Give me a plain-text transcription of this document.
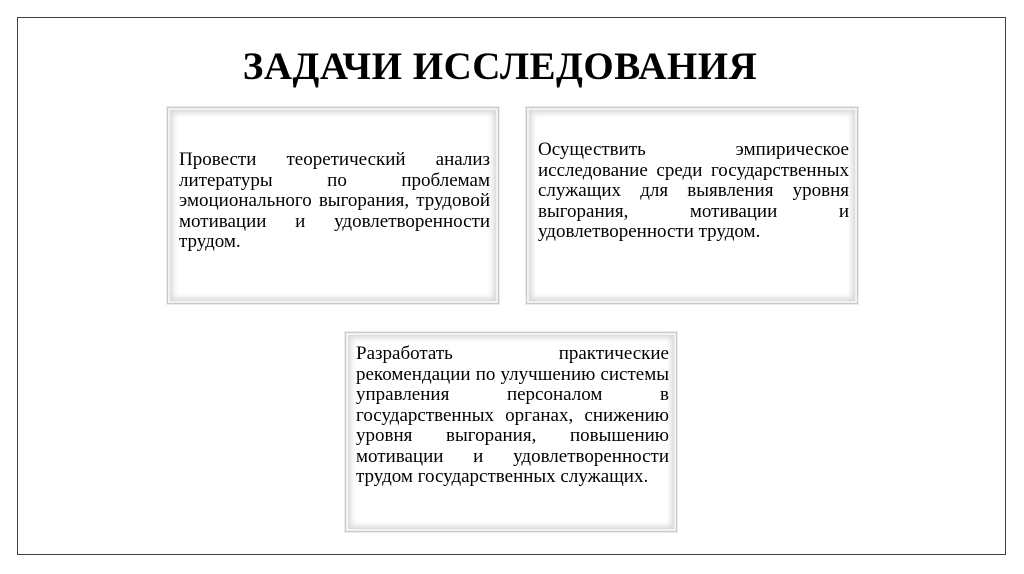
ЗАДАЧИ ИССЛЕДОВАНИЯ

Провести теоретический анализ литературы по проблемам эмоционального выгорания, трудовой мотивации и удовлетворенности трудом.

Осуществить эмпирическое исследование среди государственных служащих для выявления уровня выгорания, мотивации и удовлетворенности трудом.

Разработать практические рекомендации по улучшению системы управления персоналом в государственных органах, снижению уровня выгорания, повышению мотивации и удовлетворенности трудом государственных служащих.
